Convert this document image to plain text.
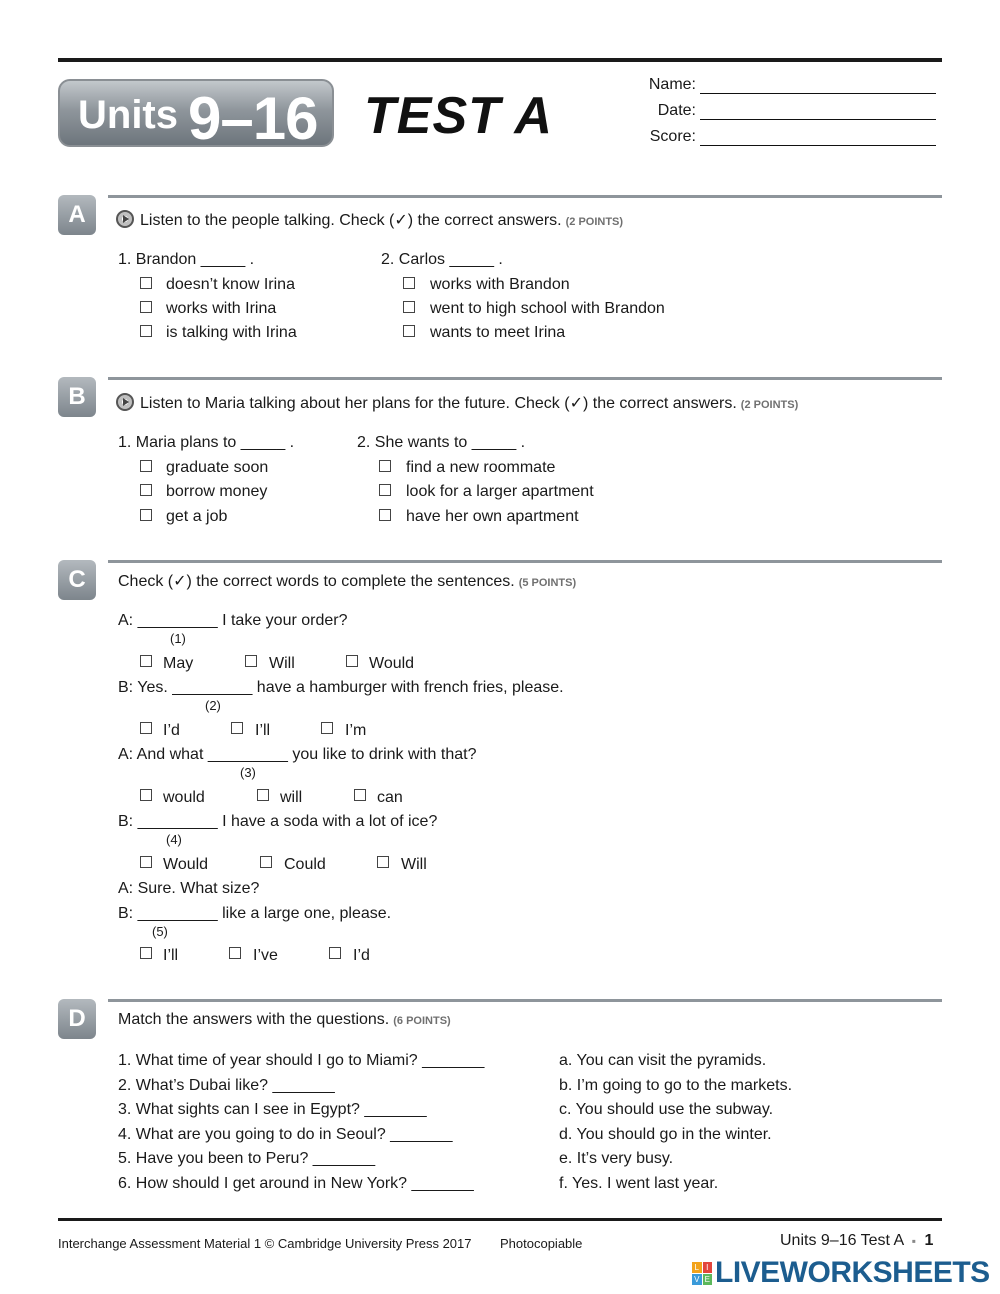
Units 9–16 TEST A
Name:
Date:
Score:
A	Listen to the people talking. Check (✓) the correct answers. (2 POINTS)
1. Brandon _____ .
doesn’t know Irina
works with Irina
is talking with Irina
2. Carlos _____ .
works with Brandon
went to high school with Brandon
wants to meet Irina
B	Listen to Maria talking about her plans for the future. Check (✓) the correct answers. (2 POINTS)
1. Maria plans to _____ .
graduate soon
borrow money
get a job
2. She wants to _____ .
find a new roommate
look for a larger apartment
have her own apartment
C	Check (✓) the correct words to complete the sentences. (5 POINTS)
A: _________ I take your order?
(1)
May	Will	Would
B: Yes. _________ have a hamburger with french fries, please.
(2)
I’d	I’ll	I’m
A: And what _________ you like to drink with that?
(3)
would	will	can
B: _________ I have a soda with a lot of ice?
(4)
Would	Could	Will
A: Sure. What size?
B: _________ like a large one, please.
(5)
I’ll	I’ve	I’d
D	Match the answers with the questions. (6 POINTS)
1. What time of year should I go to Miami? _______
2. What’s Dubai like? _______
3. What sights can I see in Egypt? _______
4. What are you going to do in Seoul? _______
5. Have you been to Peru? _______
6. How should I get around in New York? _______
a. You can visit the pyramids.
b. I’m going to go to the markets.
c. You should use the subway.
d. You should go in the winter.
e. It’s very busy.
f. Yes. I went last year.
Interchange Assessment Material 1 © Cambridge University Press 2017 Photocopiable	Units 9–16 Test A ▪ 1
L I
V E LIVEWORKSHEETS
